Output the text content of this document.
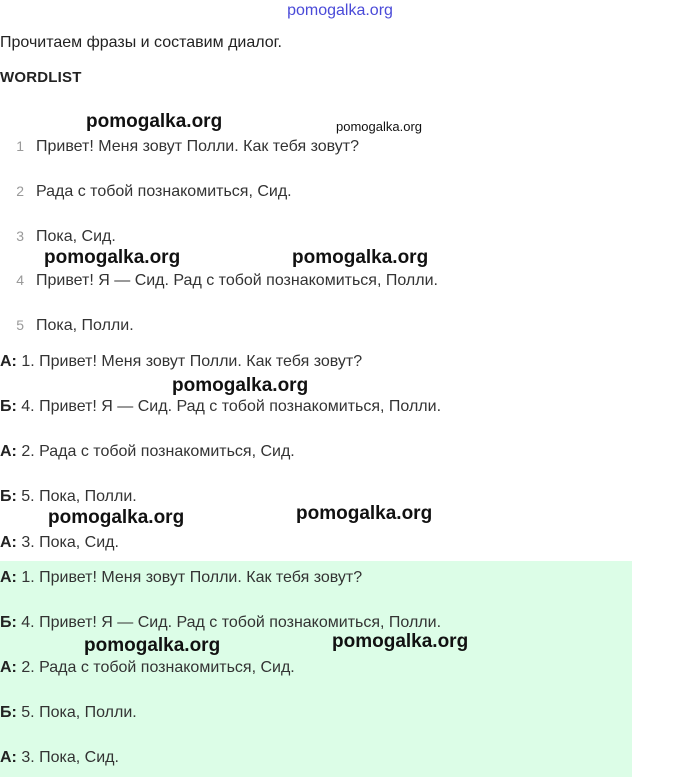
pomogalka.org
Прочитаем фразы и составим диалог.
WORDLIST
1 Привет! Меня зовут Полли. Как тебя зовут?
2 Рада с тобой познакомиться, Сид.
3 Пока, Сид.
4 Привет! Я — Сид. Рад с тобой познакомиться, Полли.
5 Пока, Полли.
А: 1. Привет! Меня зовут Полли. Как тебя зовут?
Б: 4. Привет! Я — Сид. Рад с тобой познакомиться, Полли.
А: 2. Рада с тобой познакомиться, Сид.
Б: 5. Пока, Полли.
А: 3. Пока, Сид.
А: 1. Привет! Меня зовут Полли. Как тебя зовут?
Б: 4. Привет! Я — Сид. Рад с тобой познакомиться, Полли.
А: 2. Рада с тобой познакомиться, Сид.
Б: 5. Пока, Полли.
А: 3. Пока, Сид.
pomogalka.org	pomogalka.org
pomogalka.org	pomogalka.org
pomogalka.org
pomogalka.org	pomogalka.org
pomogalka.org	pomogalka.org
